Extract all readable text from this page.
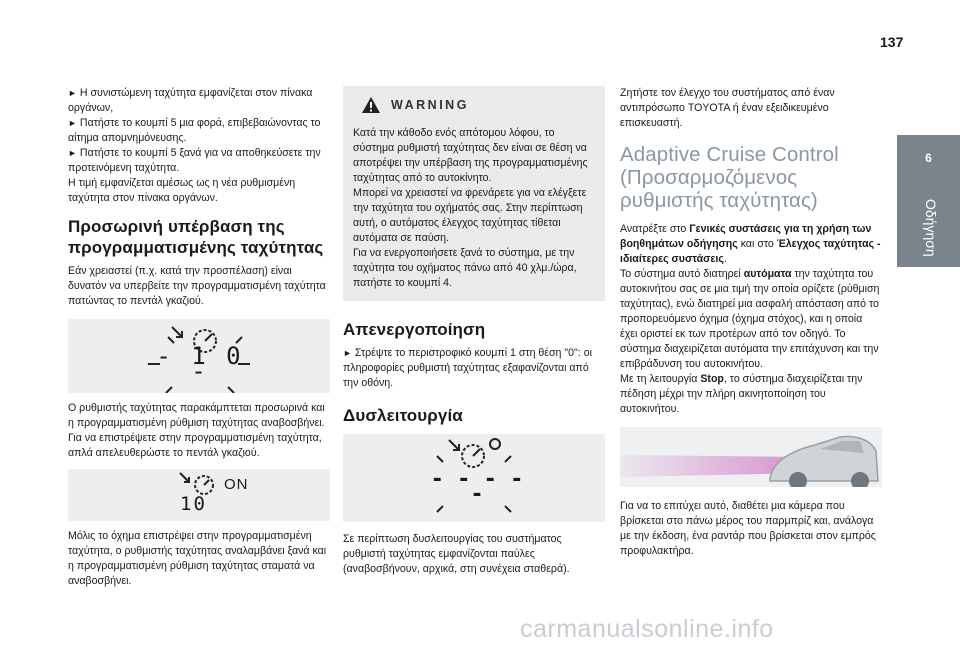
137
6
Οδήγηση

► Η συνιστώμενη ταχύτητα εμφανίζεται στον πίνακα οργάνων,

► Πατήστε το κουμπί 5 μια φορά, επιβεβαιώνοντας το αίτημα απομνημόνευσης.

► Πατήστε το κουμπί 5 ξανά για να αποθηκεύσετε την προτεινόμενη ταχύτητα.

Η τιμή εμφανίζεται αμέσως ως η νέα ρυθμισμένη ταχύτητα στον πίνακα οργάνων.

Προσωρινή υπέρβαση της προγραμματισμένης ταχύτητας

Εάν χρειαστεί (π.χ. κατά την προσπέλαση) είναι δυνατόν να υπερβείτε την προγραμματισμένη ταχύτητα πατώντας το πεντάλ γκαζιού.

- 1 0 -

Ο ρυθμιστής ταχύτητας παρακάμπτεται προσωρινά και η προγραμματισμένη ρύθμιση ταχύτητας αναβοσβήνει.

Για να επιστρέψετε στην προγραμματισμένη ταχύτητα, απλά απελευθερώστε το πεντάλ γκαζιού.

ON
10

Μόλις το όχημα επιστρέψει στην προγραμματισμένη ταχύτητα, ο ρυθμιστής ταχύτητας αναλαμβάνει ξανά και η προγραμματισμένη ρύθμιση ταχύτητας σταματά να αναβοσβήνει.

WARNING

Κατά την κάθοδο ενός απότομου λόφου, το σύστημα ρυθμιστή ταχύτητας δεν είναι σε θέση να αποτρέψει την υπέρβαση της προγραμματισμένης ταχύτητας από το αυτοκίνητο.

Μπορεί να χρειαστεί να φρενάρετε για να ελέγξετε την ταχύτητα του οχήματός σας. Στην περίπτωση αυτή, ο αυτόματος έλεγχος ταχύτητας τίθεται αυτόματα σε παύση.

Για να ενεργοποιήσετε ξανά το σύστημα, με την ταχύτητα του οχήματος πάνω από 40 χλμ./ώρα, πατήστε το κουμπί 4.

Απενεργοποίηση

► Στρέψτε το περιστροφικό κουμπί 1 στη θέση "0": οι πληροφορίες ρυθμιστή ταχύτητας εξαφανίζονται από την οθόνη.

Δυσλειτουργία
- - - - -

Σε περίπτωση δυσλειτουργίας του συστήματος ρυθμιστή ταχύτητας εμφανίζονται παύλες (αναβοσβήνουν, αρχικά, στη συνέχεια σταθερά).

Ζητήστε τον έλεγχο του συστήματος από έναν αντιπρόσωπο TOYOTA ή έναν εξειδικευμένο επισκευαστή.

Adaptive Cruise Control (Προσαρμοζόμενος ρυθμιστής ταχύτητας)

Ανατρέξτε στο Γενικές συστάσεις για τη χρήση των βοηθημάτων οδήγησης και στο Έλεγχος ταχύτητας - ιδιαίτερες συστάσεις.

Το σύστημα αυτό διατηρεί αυτόματα την ταχύτητα του αυτοκινήτου σας σε μια τιμή την οποία ορίζετε (ρύθμιση ταχύτητας), ενώ διατηρεί μια ασφαλή απόσταση από το προπορευόμενο όχημα (όχημα στόχος), και η οποία έχει οριστεί εκ των προτέρων από τον οδηγό. Το σύστημα διαχειρίζεται αυτόματα την επιτάχυνση και την επιβράδυνση του αυτοκινήτου.

Με τη λειτουργία Stop, το σύστημα διαχειρίζεται την πέδηση μέχρι την πλήρη ακινητοποίηση του αυτοκινήτου.

Για να το επιτύχει αυτό, διαθέτει μια κάμερα που βρίσκεται στο πάνω μέρος του παρμπρίζ και, ανάλογα με την έκδοση, ένα ραντάρ που βρίσκεται στον εμπρός προφυλακτήρα.

carmanualsonline.info
